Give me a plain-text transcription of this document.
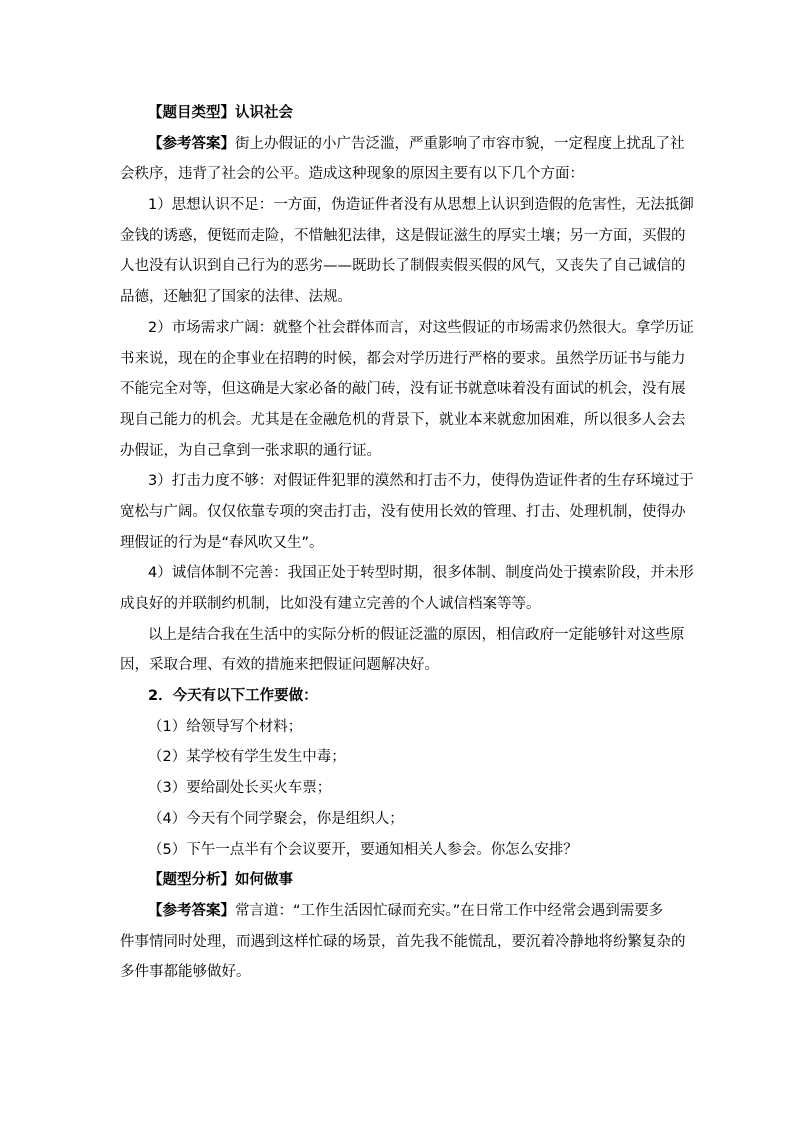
【题目类型】认识社会
【参考答案】街上办假证的小广告泛滥，严重影响了市容市貌，一定程度上扰乱了社
会秩序，违背了社会的公平。造成这种现象的原因主要有以下几个方面：
1）思想认识不足：一方面，伪造证件者没有从思想上认识到造假的危害性，无法抵御
金钱的诱惑，便铤而走险，不惜触犯法律，这是假证滋生的厚实土壤；另一方面，买假的
人也没有认识到自己行为的恶劣——既助长了制假卖假买假的风气，又丧失了自己诚信的
品德，还触犯了国家的法律、法规。
2）市场需求广阔：就整个社会群体而言，对这些假证的市场需求仍然很大。拿学历证
书来说，现在的企事业在招聘的时候，都会对学历进行严格的要求。虽然学历证书与能力
不能完全对等，但这确是大家必备的敲门砖，没有证书就意味着没有面试的机会，没有展
现自己能力的机会。尤其是在金融危机的背景下，就业本来就愈加困难，所以很多人会去
办假证，为自己拿到一张求职的通行证。
3）打击力度不够：对假证件犯罪的漠然和打击不力，使得伪造证件者的生存环境过于
宽松与广阔。仅仅依靠专项的突击打击，没有使用长效的管理、打击、处理机制，使得办
理假证的行为是“春风吹又生”。
4）诚信体制不完善：我国正处于转型时期，很多体制、制度尚处于摸索阶段，并未形
成良好的并联制约机制，比如没有建立完善的个人诚信档案等等。
以上是结合我在生活中的实际分析的假证泛滥的原因，相信政府一定能够针对这些原
因，采取合理、有效的措施来把假证问题解决好。
2．今天有以下工作要做：
（1）给领导写个材料；
（2）某学校有学生发生中毒；
（3）要给副处长买火车票；
（4）今天有个同学聚会，你是组织人；
（5）下午一点半有个会议要开，要通知相关人参会。你怎么安排？
【题型分析】如何做事
【参考答案】常言道：“工作生活因忙碌而充实。”在日常工作中经常会遇到需要多
件事情同时处理，而遇到这样忙碌的场景，首先我不能慌乱，要沉着冷静地将纷繁复杂的
多件事都能够做好。
